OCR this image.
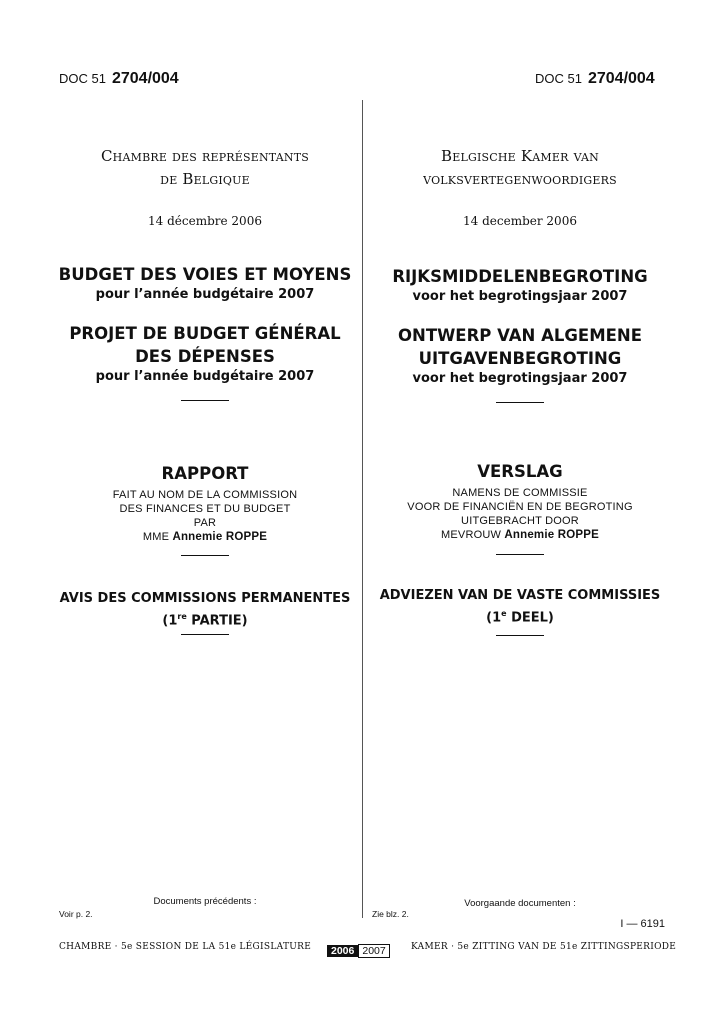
DOC 51 2704/004	DOC 51 2704/004
Chambre des représentants
de Belgique
14 décembre 2006
BUDGET DES VOIES ET MOYENS
pour l’année budgétaire 2007
PROJET DE BUDGET GÉNÉRAL
DES DÉPENSES
pour l’année budgétaire 2007
RAPPORT
FAIT AU NOM DE LA COMMISSION
DES FINANCES ET DU BUDGET
PAR
MME Annemie ROPPE
AVIS DES COMMISSIONS PERMANENTES
(1re PARTIE)
Belgische Kamer van
volksvertegenwoordigers
14 december 2006
RIJKSMIDDELENBEGROTING
voor het begrotingsjaar 2007
ONTWERP VAN ALGEMENE
UITGAVENBEGROTING
voor het begrotingsjaar 2007
VERSLAG
NAMENS DE COMMISSIE
VOOR DE FINANCIËN EN DE BEGROTING
UITGEBRACHT DOOR
MEVROUW Annemie ROPPE
ADVIEZEN VAN DE VASTE COMMISSIES
(1e DEEL)
Documents précédents :
Voir p. 2.
Voorgaande documenten :
Zie blz. 2.
I — 6191
CHAMBRE · 5e SESSION DE LA 51e LÉGISLATURE	2006 2007	KAMER · 5e ZITTING VAN DE 51e ZITTINGSPERIODE
